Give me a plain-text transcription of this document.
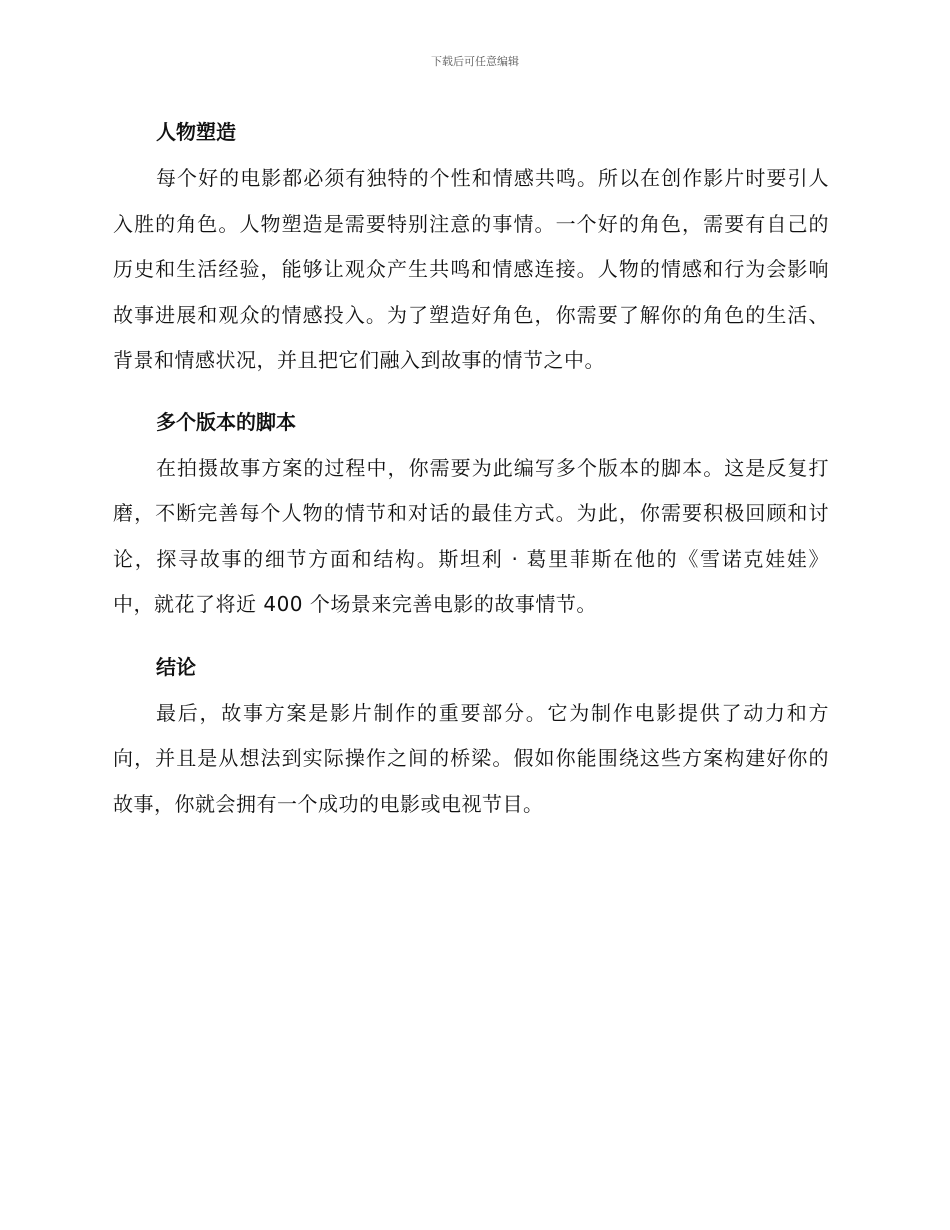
下载后可任意编辑
人物塑造

每个好的电影都必须有独特的个性和情感共鸣。所以在创作影片时要引人入胜的角色。人物塑造是需要特别注意的事情。一个好的角色，需要有自己的历史和生活经验，能够让观众产生共鸣和情感连接。人物的情感和行为会影响故事进展和观众的情感投入。为了塑造好角色，你需要了解你的角色的生活、背景和情感状况，并且把它们融入到故事的情节之中。

多个版本的脚本

在拍摄故事方案的过程中，你需要为此编写多个版本的脚本。这是反复打磨，不断完善每个人物的情节和对话的最佳方式。为此，你需要积极回顾和讨论，探寻故事的细节方面和结构。斯坦利 · 葛里菲斯在他的《雪诺克娃娃》中，就花了将近 400 个场景来完善电影的故事情节。

结论

最后，故事方案是影片制作的重要部分。它为制作电影提供了动力和方向，并且是从想法到实际操作之间的桥梁。假如你能围绕这些方案构建好你的故事，你就会拥有一个成功的电影或电视节目。
